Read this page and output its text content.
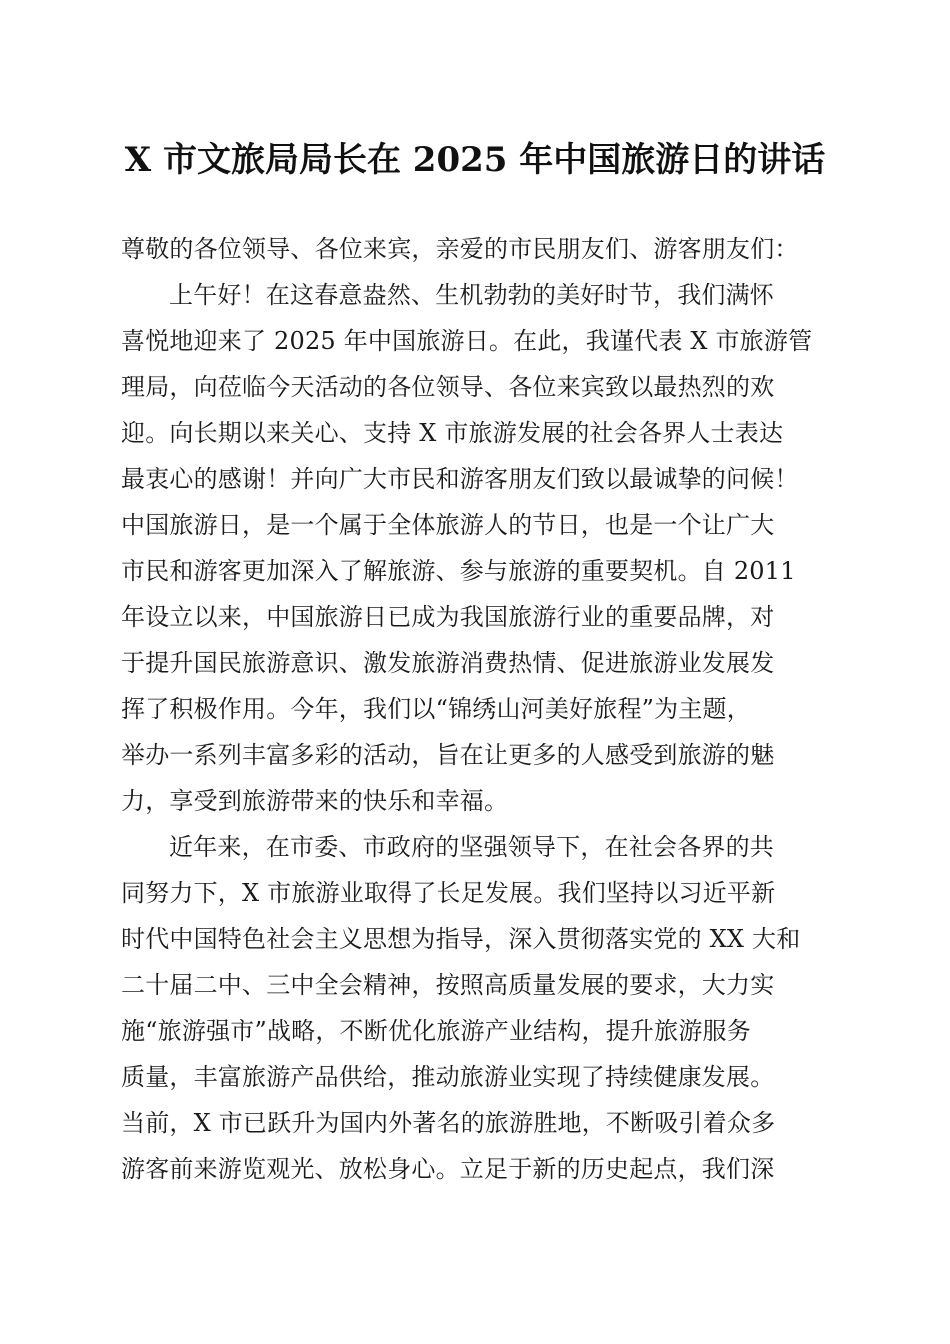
X 市文旅局局长在 2025 年中国旅游日的讲话

尊敬的各位领导、各位来宾，亲爱的市民朋友们、游客朋友们：

上午好！在这春意盎然、生机勃勃的美好时节，我们满怀
喜悦地迎来了 2025 年中国旅游日。在此，我谨代表 X 市旅游管
理局，向莅临今天活动的各位领导、各位来宾致以最热烈的欢
迎。向长期以来关心、支持 X 市旅游发展的社会各界人士表达
最衷心的感谢！并向广大市民和游客朋友们致以最诚挚的问候！
中国旅游日，是一个属于全体旅游人的节日，也是一个让广大
市民和游客更加深入了解旅游、参与旅游的重要契机。自 2011
年设立以来，中国旅游日已成为我国旅游行业的重要品牌，对
于提升国民旅游意识、激发旅游消费热情、促进旅游业发展发
挥了积极作用。今年，我们以“锦绣山河美好旅程”为主题，
举办一系列丰富多彩的活动，旨在让更多的人感受到旅游的魅
力，享受到旅游带来的快乐和幸福。

近年来，在市委、市政府的坚强领导下，在社会各界的共
同努力下，X 市旅游业取得了长足发展。我们坚持以习近平新
时代中国特色社会主义思想为指导，深入贯彻落实党的 XX 大和
二十届二中、三中全会精神，按照高质量发展的要求，大力实
施“旅游强市”战略，不断优化旅游产业结构，提升旅游服务
质量，丰富旅游产品供给，推动旅游业实现了持续健康发展。
当前，X 市已跃升为国内外著名的旅游胜地，不断吸引着众多
游客前来游览观光、放松身心。立足于新的历史起点，我们深
